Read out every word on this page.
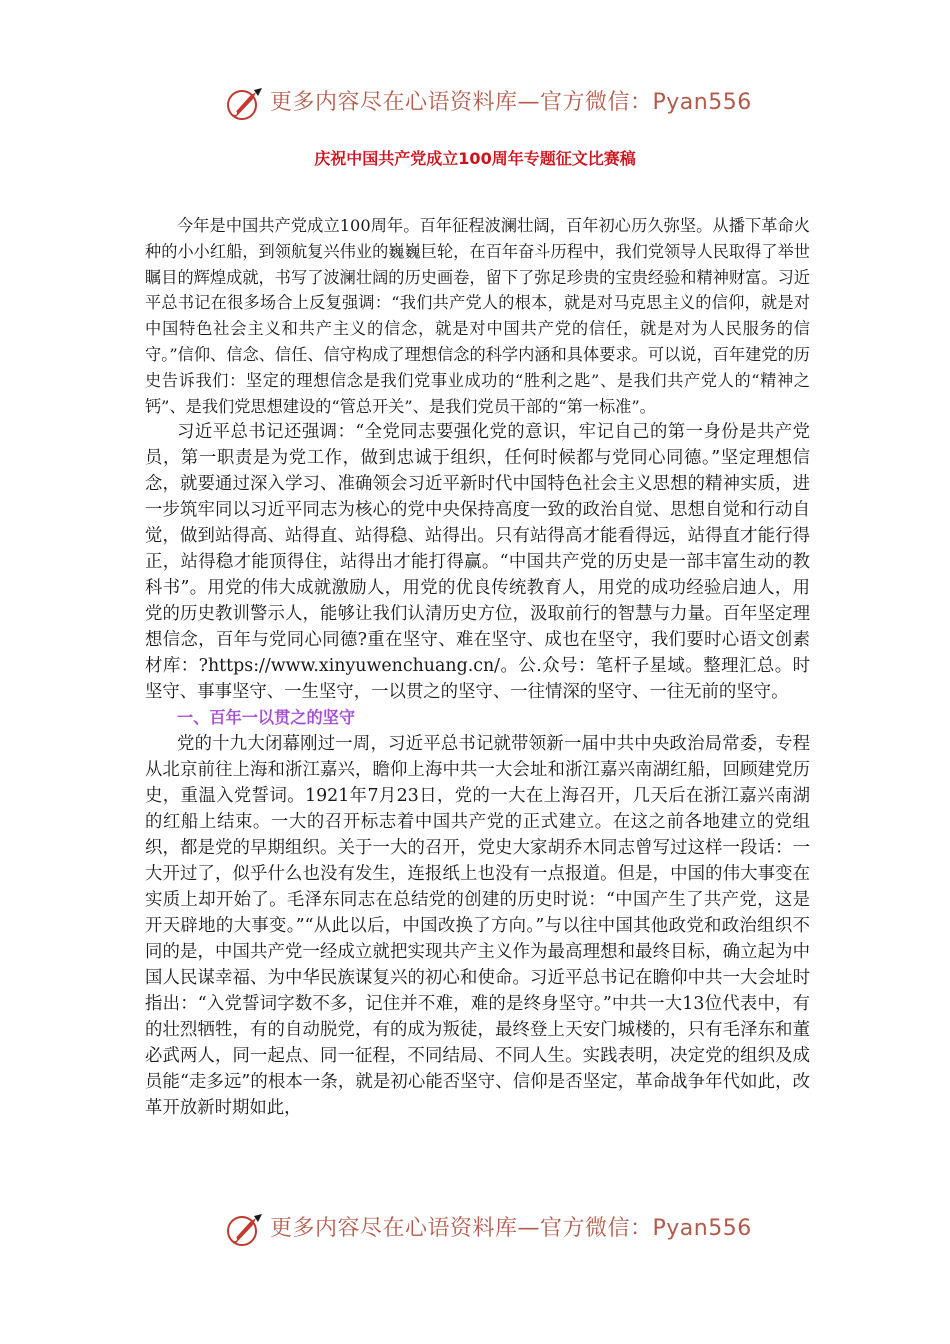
更多内容尽在心语资料库—官方微信：Pyan556
庆祝中国共产党成立100周年专题征文比赛稿

今年是中国共产党成立100周年。百年征程波澜壮阔，百年初心历久弥坚。从播下革命火种的小小红船，到领航复兴伟业的巍巍巨轮，在百年奋斗历程中，我们党领导人民取得了举世瞩目的辉煌成就，书写了波澜壮阔的历史画卷，留下了弥足珍贵的宝贵经验和精神财富。习近平总书记在很多场合上反复强调：“我们共产党人的根本，就是对马克思主义的信仰，就是对中国特色社会主义和共产主义的信念，就是对中国共产党的信任，就是对为人民服务的信守。”信仰、信念、信任、信守构成了理想信念的科学内涵和具体要求。可以说，百年建党的历史告诉我们：坚定的理想信念是我们党事业成功的“胜利之匙”、是我们共产党人的“精神之钙”、是我们党思想建设的“管总开关”、是我们党员干部的“第一标准”。

习近平总书记还强调：“全党同志要强化党的意识，牢记自己的第一身份是共产党员，第一职责是为党工作，做到忠诚于组织，任何时候都与党同心同德。”坚定理想信念，就要通过深入学习、准确领会习近平新时代中国特色社会主义思想的精神实质，进一步筑牢同以习近平同志为核心的党中央保持高度一致的政治自觉、思想自觉和行动自觉，做到站得高、站得直、站得稳、站得出。只有站得高才能看得远，站得直才能行得正，站得稳才能顶得住，站得出才能打得赢。“中国共产党的历史是一部丰富生动的教科书”。用党的伟大成就激励人，用党的优良传统教育人，用党的成功经验启迪人，用党的历史教训警示人，能够让我们认清历史方位，汲取前行的智慧与力量。百年坚定理想信念，百年与党同心同德?重在坚守、难在坚守、成也在坚守，我们要时心语文创素材库：?https://www.xinyuwenchuang.cn/。公.众号：笔杆子星域。整理汇总。时坚守、事事坚守、一生坚守，一以贯之的坚守、一往情深的坚守、一往无前的坚守。

一、百年一以贯之的坚守

党的十九大闭幕刚过一周，习近平总书记就带领新一届中共中央政治局常委，专程从北京前往上海和浙江嘉兴，瞻仰上海中共一大会址和浙江嘉兴南湖红船，回顾建党历史，重温入党誓词。1921年7月23日，党的一大在上海召开，几天后在浙江嘉兴南湖的红船上结束。一大的召开标志着中国共产党的正式建立。在这之前各地建立的党组织，都是党的早期组织。关于一大的召开，党史大家胡乔木同志曾写过这样一段话：一大开过了，似乎什么也没有发生，连报纸上也没有一点报道。但是，中国的伟大事变在实质上却开始了。毛泽东同志在总结党的创建的历史时说：“中国产生了共产党，这是开天辟地的大事变。”“从此以后，中国改换了方向。”与以往中国其他政党和政治组织不同的是，中国共产党一经成立就把实现共产主义作为最高理想和最终目标，确立起为中国人民谋幸福、为中华民族谋复兴的初心和使命。习近平总书记在瞻仰中共一大会址时指出：“入党誓词字数不多，记住并不难，难的是终身坚守。”中共一大13位代表中，有的壮烈牺牲，有的自动脱党，有的成为叛徒，最终登上天安门城楼的，只有毛泽东和董必武两人，同一起点、同一征程，不同结局、不同人生。实践表明，决定党的组织及成员能“走多远”的根本一条，就是初心能否坚守、信仰是否坚定，革命战争年代如此，改革开放新时期如此，

更多内容尽在心语资料库—官方微信：Pyan556
